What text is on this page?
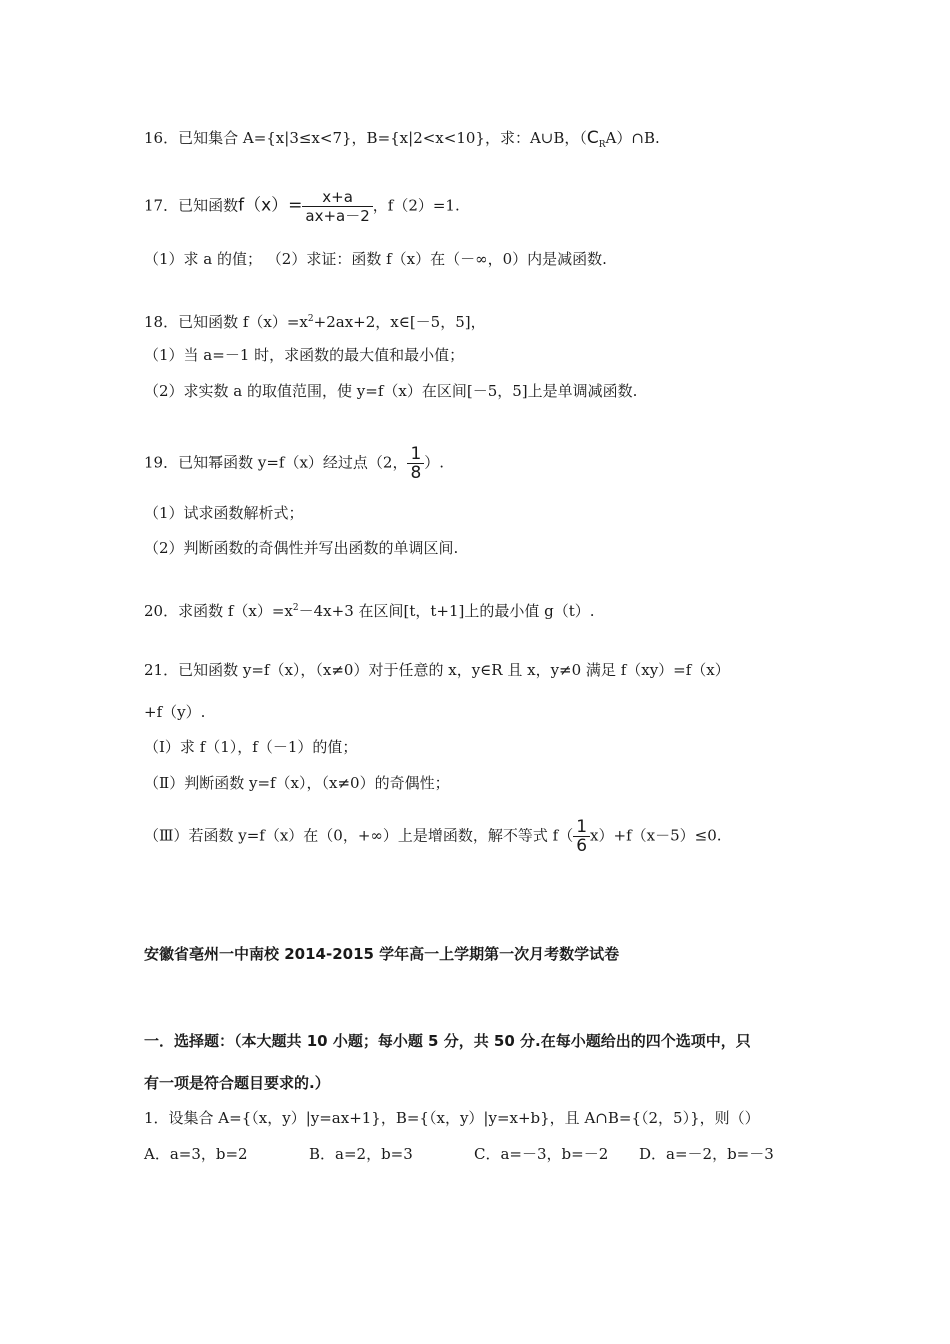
16．已知集合 A={x|3≤x<7}，B={x|2<x<10}，求：A∪B，$(C_RA)\cap B$.
17．已知函数$f(x)= \frac{x+a}{ax+a-2}$ ，f（2）=1.
（1）求 a 的值； （2）求证：函数 f（x）在（－∞，0）内是减函数.
18．已知函数 $f(x)=x^2+2ax+2$，x∈[－5，5]，
（1）当 a=－1 时，求函数的最大值和最小值；
（2）求实数 a 的取值范围，使 y=f（x）在区间[－5，5]上是单调减函数.
19．已知幂函数 y=f（x）经过点（2， $\frac{1}{8}$ ）.
（1）试求函数解析式；
（2）判断函数的奇偶性并写出函数的单调区间.
20．求函数 $f(x)=x^2-4x+3$ 在区间[t，t+1]上的最小值 g（t）.
21．已知函数 y=f（x），（x≠0）对于任意的 x，y∈R 且 x，y≠0 满足 f（xy）=f（x）
+f（y）.
（Ⅰ）求 f（1），f（－1）的值；
（Ⅱ）判断函数 y=f（x），（x≠0）的奇偶性；
（Ⅲ）若函数 y=f（x）在（0，+∞）上是增函数，解不等式 $f( \frac{1}{6} x)+f(x-5)\le 0$.
安徽省亳州一中南校 2014-2015 学年高一上学期第一次月考数学试卷
一．选择题：（本大题共 10 小题；每小题 5 分，共 50 分.在每小题给出的四个选项中，只
有一项是符合题目要求的.）
1．设集合 A={（x，y）|y=ax+1}，B={（x，y）|y=x+b}，且 A∩B={（2，5）}，则（）
A．a=3，b=2	B．a=2，b=3	C．a=－3，b=－2 D．a=－2，b=－3
